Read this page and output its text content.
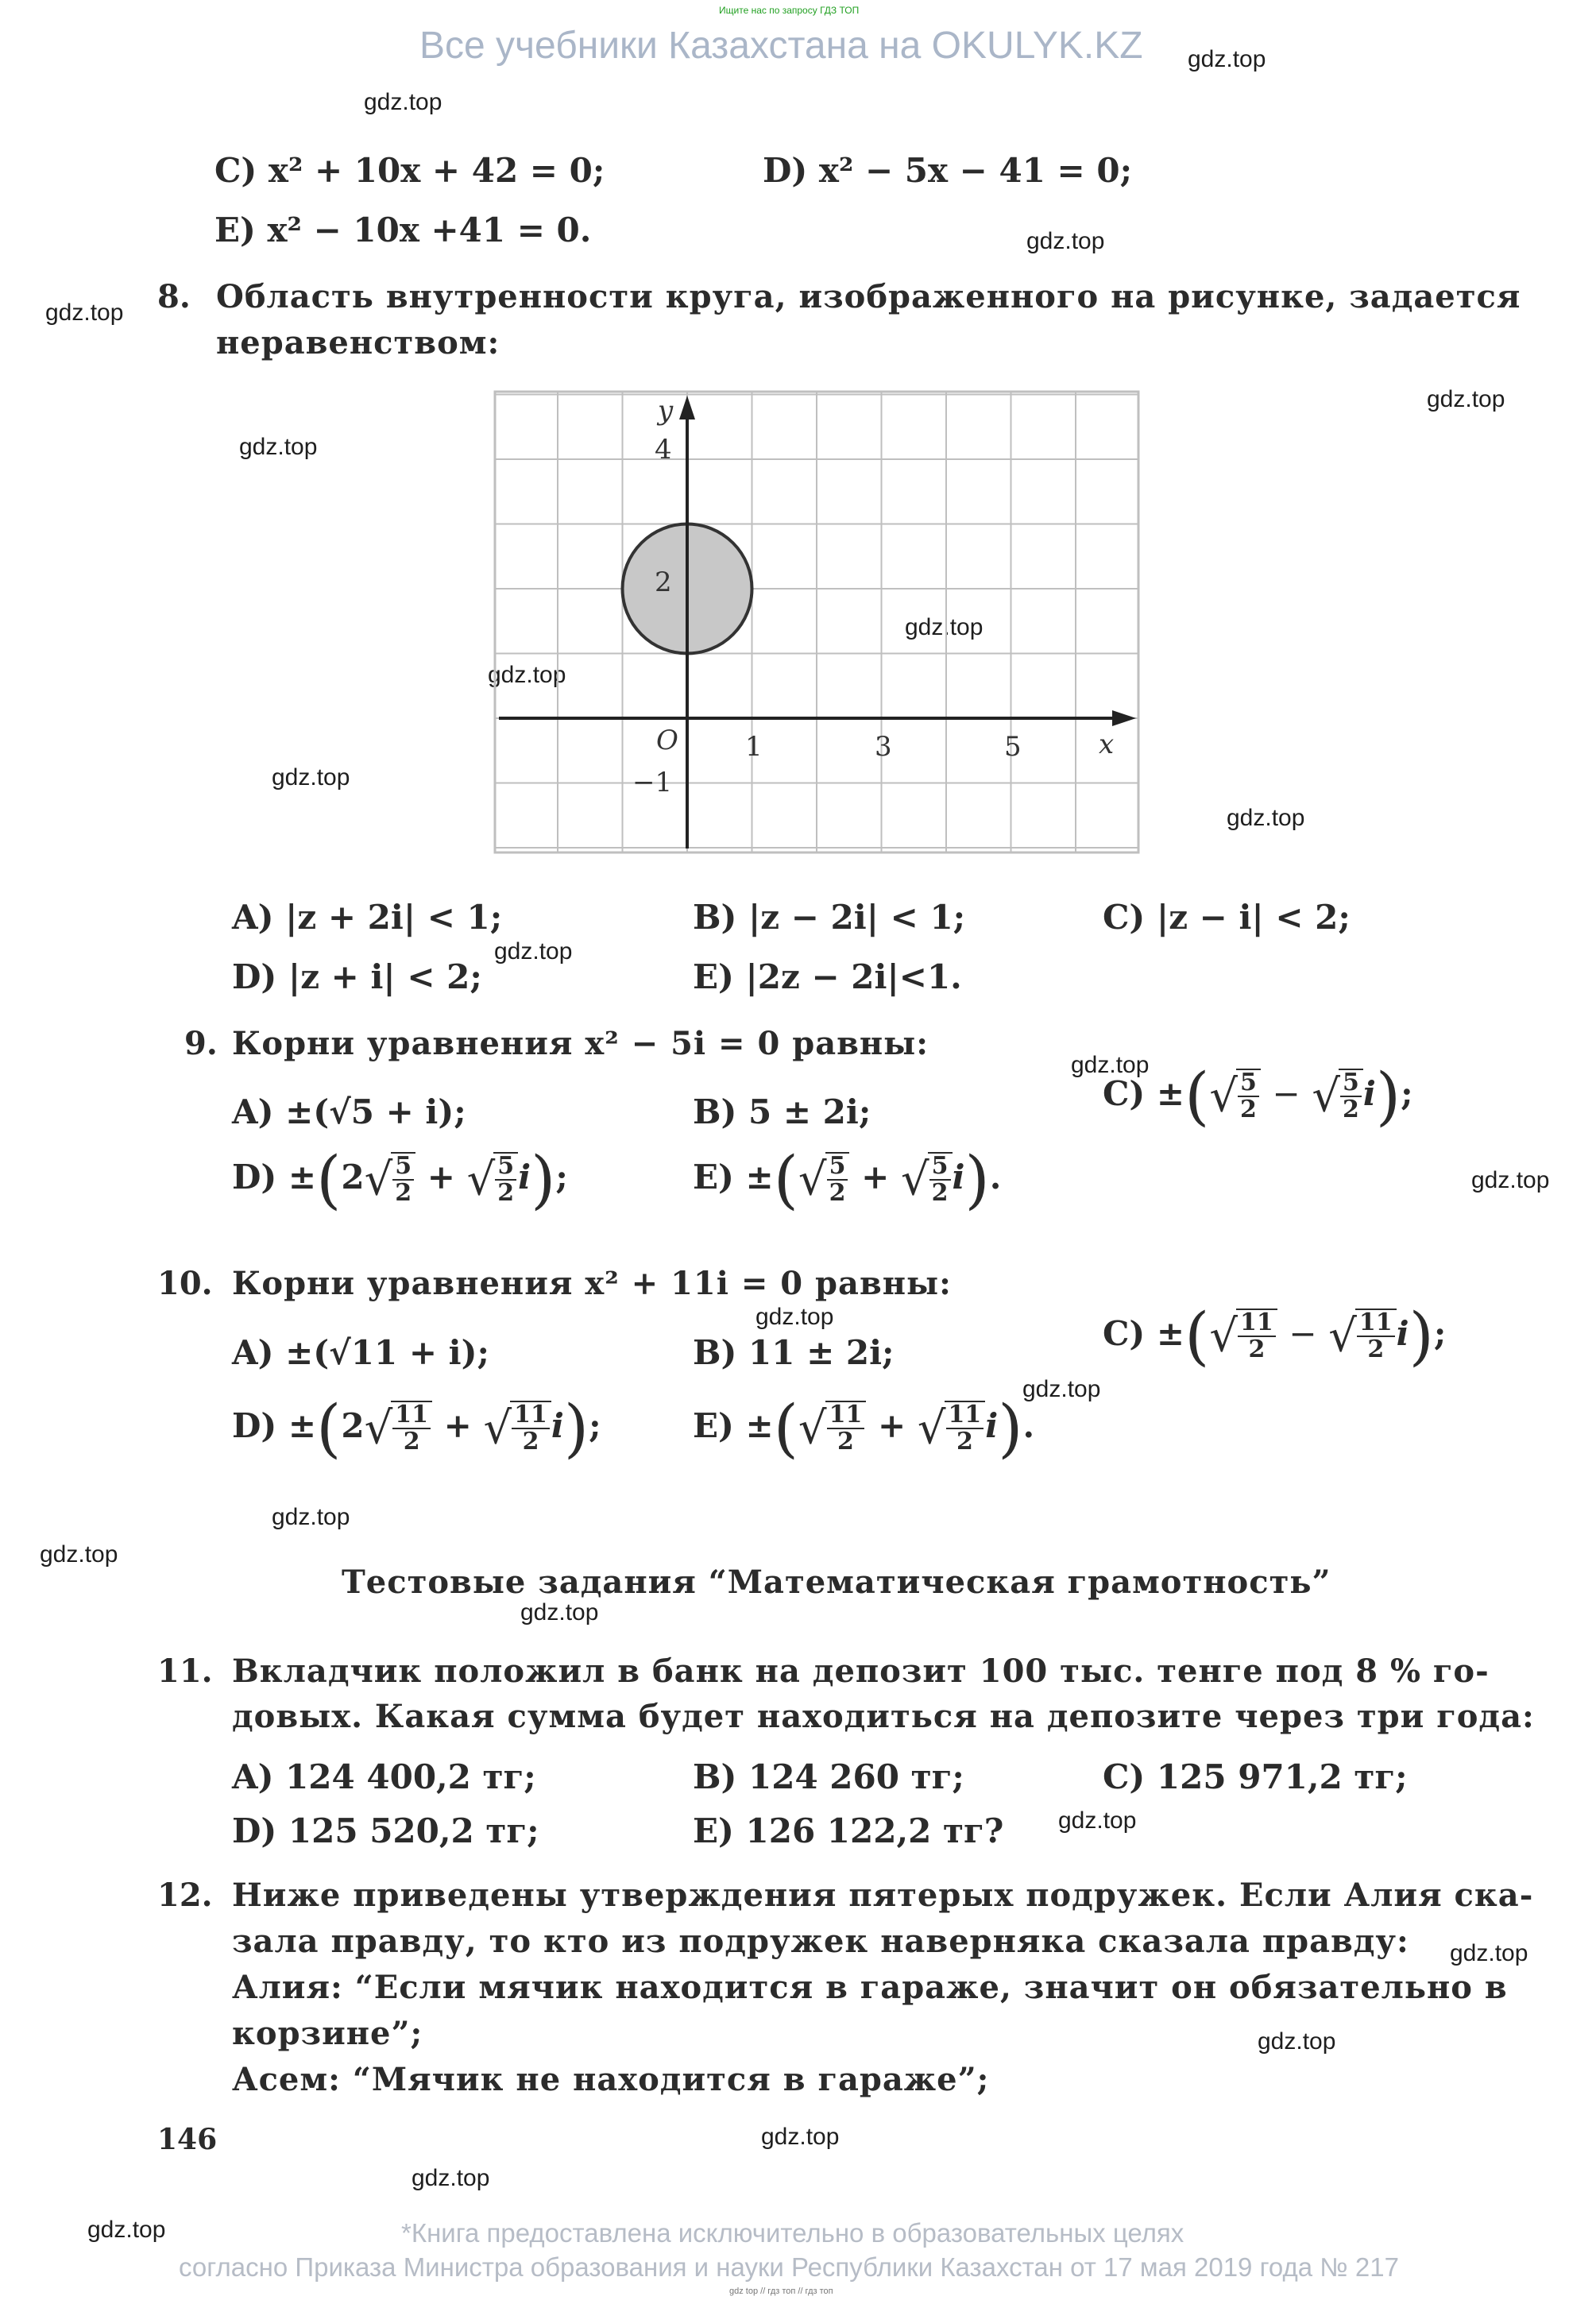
Ищите нас по запросу ГДЗ ТОП
Все учебники Казахстана на OKULYK.KZ gdz.top
gdz.top
gdz.top
gdz.top
gdz.top
gdz.top
gdz.top
gdz.top
gdz.top
gdz.top
gdz.top
gdz.top
gdz.top
gdz.top
gdz.top
gdz.top
gdz.top
gdz.top
gdz.top
gdz.top
gdz.top
gdz.top
gdz.top
gdz.top
C) x² + 10x + 42 = 0;	D) x² − 5x − 41 = 0;
E) x² − 10x +41 = 0.
8. Область внутренности круга, изображенного на рисунке, задается
неравенством:
y
x
O
4
2
−1
1	3	5
A) |z + 2i| < 1;	B) |z − 2i| < 1;	C) |z − i| < 2;
D) |z + i| < 2;	E) |2z − 2i|<1.
9. Корни уравнения x² − 5i = 0 равны:
A) ±(√5 + i);	B) 5 ± 2i;	C) ±(√ $\frac{5}{2}$ − √ $\frac{5}{2} i$);
$D) \pm(2√ \frac{5}{2}$ + √ $\frac{5}{2} i$);	E) ±(√ $\frac{5}{2}$ + √ $\frac{5}{2} i$).
10. Корни уравнения x² + 11i = 0 равны:
A) ±(√11 + i);	B) 11 ± 2i;	C) ±(√ $\frac{11}{2}$ − √ $\frac{11}{2} i$);
$D) \pm(2√ \frac{11}{2}$ + √ $\frac{11}{2} i$);	E) ±(√ $\frac{11}{2}$ + √ $\frac{11}{2} i$).
Тестовые задания “Математическая грамотность”
11. Вкладчик положил в банк на депозит 100 тыс. тенге под 8 % го-
довых. Какая сумма будет находиться на депозите через три года:
A) 124 400,2 тг;	B) 124 260 тг;	C) 125 971,2 тг;
D) 125 520,2 тг;	E) 126 122,2 тг?
12. Ниже приведены утверждения пятерых подружек. Если Алия ска-
зала правду, то кто из подружек наверняка сказала правду:
Алия: “Если мячик находится в гараже, значит он обязательно в
корзине”;
Асем: “Мячик не находится в гараже”;
146
*Книга предоставлена исключительно в образовательных целях
согласно Приказа Министра образования и науки Республики Казахстан от 17 мая 2019 года № 217
gdz top // гдз топ // гдз топ
